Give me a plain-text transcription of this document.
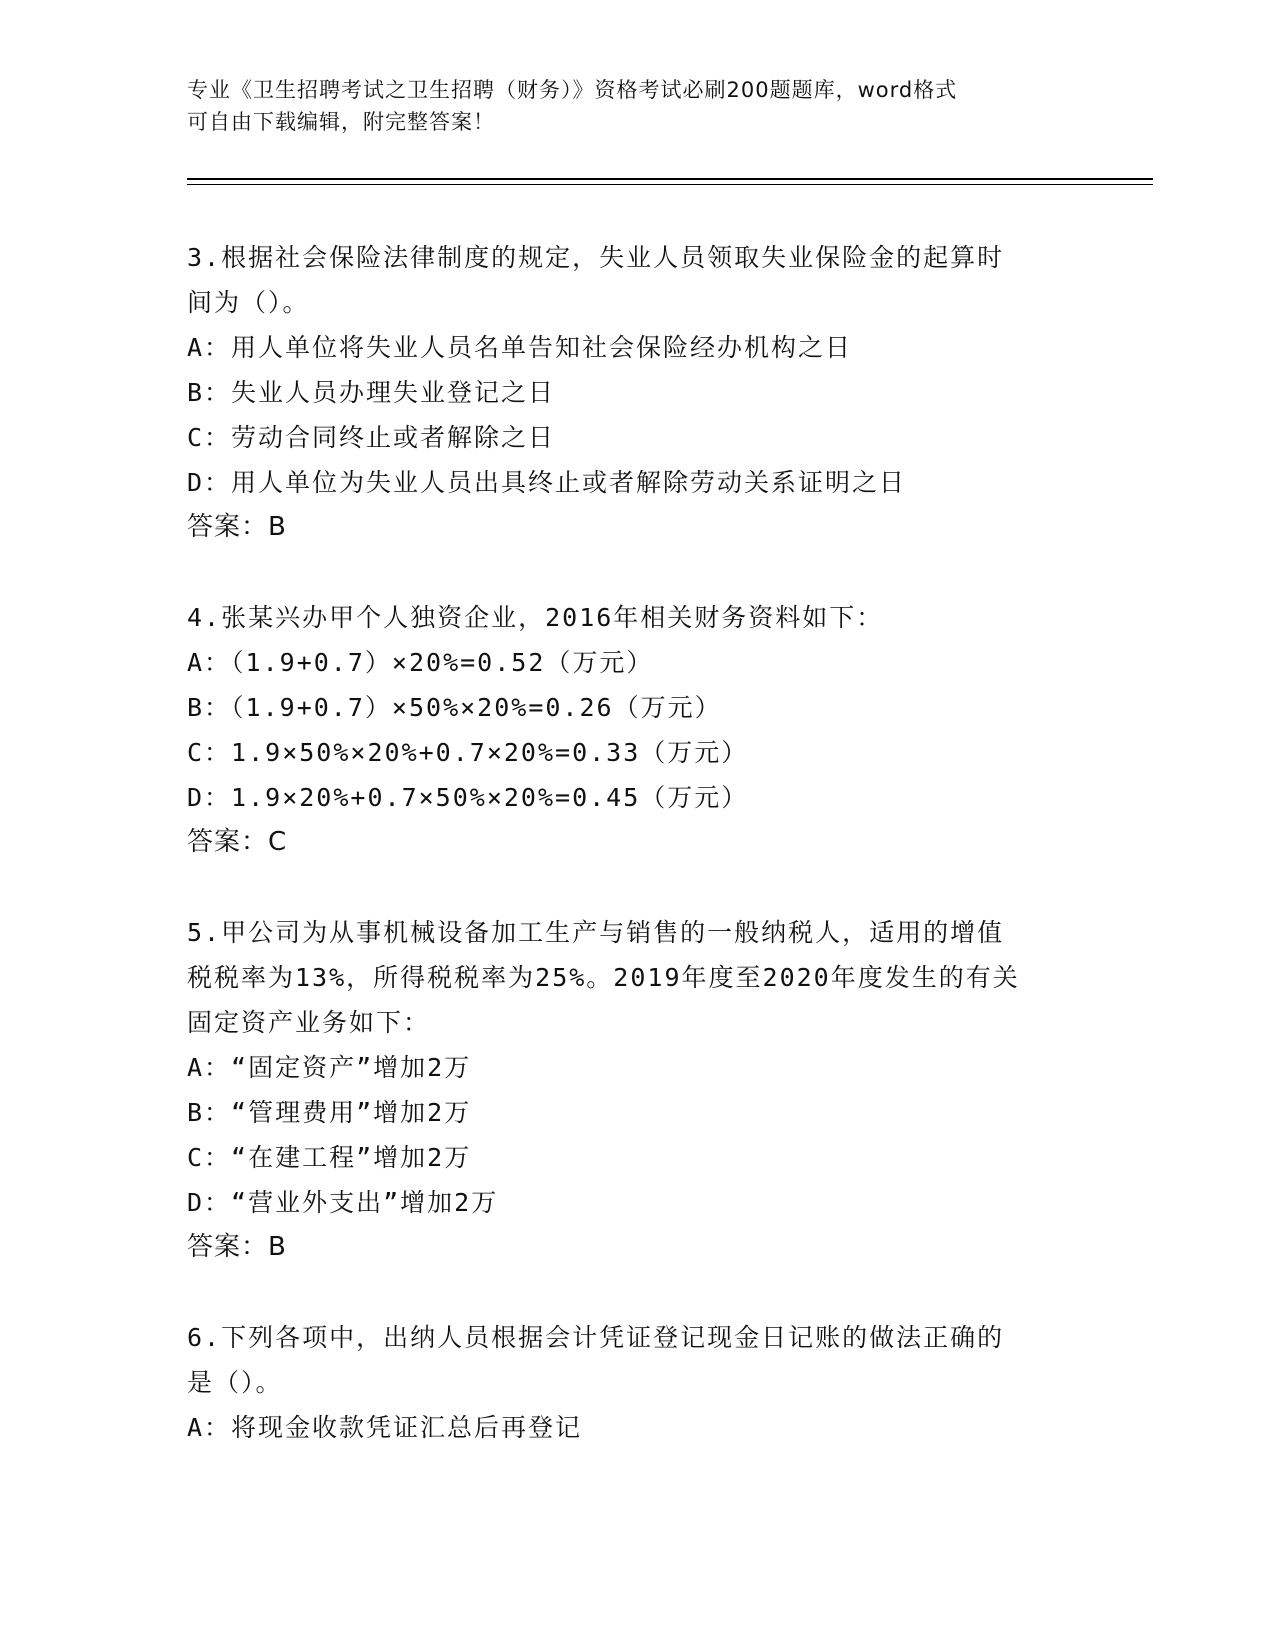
专业《卫生招聘考试之卫生招聘（财务）》资格考试必刷200题题库，word格式
可自由下载编辑，附完整答案！
3.根据社会保险法律制度的规定，失业人员领取失业保险金的起算时
间为（）。
A：用人单位将失业人员名单告知社会保险经办机构之日
B：失业人员办理失业登记之日
C：劳动合同终止或者解除之日
D：用人单位为失业人员出具终止或者解除劳动关系证明之日
答案：B
4.张某兴办甲个人独资企业，2016年相关财务资料如下：
A：（1.9+0.7）×20%=0.52（万元）
B：（1.9+0.7）×50%×20%=0.26（万元）
C：1.9×50%×20%+0.7×20%=0.33（万元）
D：1.9×20%+0.7×50%×20%=0.45（万元）
答案：C
5.甲公司为从事机械设备加工生产与销售的一般纳税人，适用的增值
税税率为13%，所得税税率为25%。2019年度至2020年度发生的有关
固定资产业务如下：
A：“固定资产”增加2万
B：“管理费用”增加2万
C：“在建工程”增加2万
D：“营业外支出”增加2万
答案：B
6.下列各项中，出纳人员根据会计凭证登记现金日记账的做法正确的
是（）。
A：将现金收款凭证汇总后再登记
